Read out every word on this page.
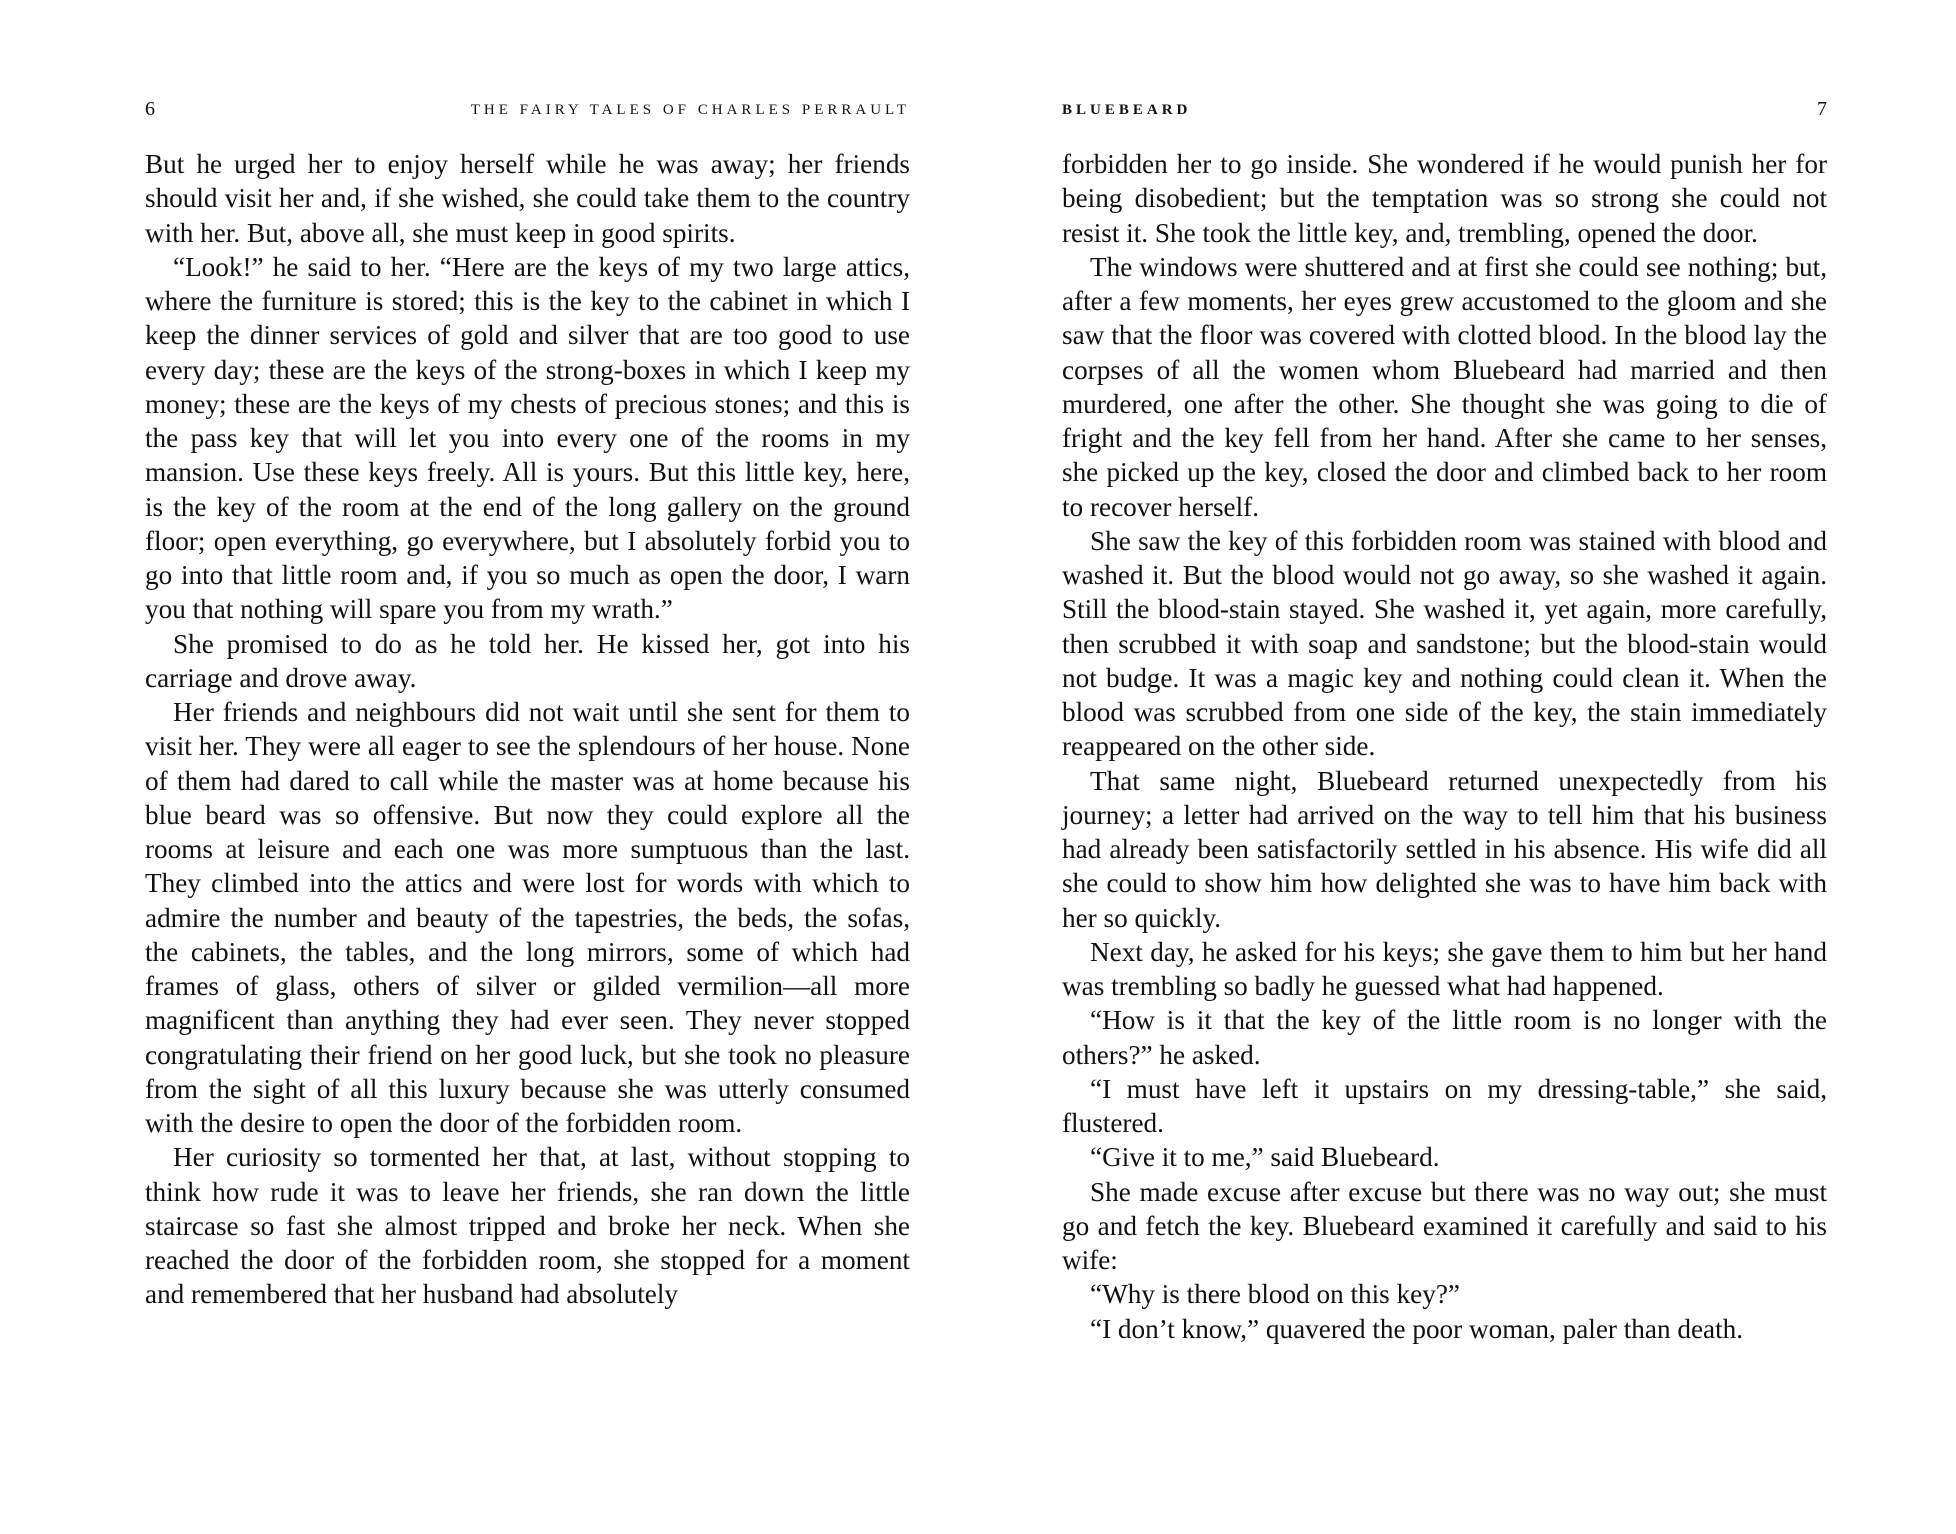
6	THE FAIRY TALES OF CHARLES PERRAULT

But he urged her to enjoy herself while he was away; her friends should visit her and, if she wished, she could take them to the country with her. But, above all, she must keep in good spirits.

“Look!” he said to her. “Here are the keys of my two large attics, where the furniture is stored; this is the key to the cabinet in which I keep the dinner services of gold and silver that are too good to use every day; these are the keys of the strong-boxes in which I keep my money; these are the keys of my chests of precious stones; and this is the pass key that will let you into every one of the rooms in my mansion. Use these keys freely. All is yours. But this little key, here, is the key of the room at the end of the long gallery on the ground floor; open everything, go everywhere, but I absolutely forbid you to go into that little room and, if you so much as open the door, I warn you that nothing will spare you from my wrath.”

She promised to do as he told her. He kissed her, got into his carriage and drove away.

Her friends and neighbours did not wait until she sent for them to visit her. They were all eager to see the splendours of her house. None of them had dared to call while the master was at home because his blue beard was so offensive. But now they could explore all the rooms at leisure and each one was more sumptuous than the last. They climbed into the attics and were lost for words with which to admire the number and beauty of the tapestries, the beds, the sofas, the cabinets, the tables, and the long mirrors, some of which had frames of glass, others of silver or gilded vermilion—all more magnificent than anything they had ever seen. They never stopped congratulating their friend on her good luck, but she took no pleasure from the sight of all this luxury because she was utterly consumed with the desire to open the door of the forbidden room.

Her curiosity so tormented her that, at last, without stopping to think how rude it was to leave her friends, she ran down the little staircase so fast she almost tripped and broke her neck. When she reached the door of the forbidden room, she stopped for a moment and remembered that her husband had absolutely

BLUEBEARD	7

forbidden her to go inside. She wondered if he would punish her for being disobedient; but the temptation was so strong she could not resist it. She took the little key, and, trembling, opened the door.

The windows were shuttered and at first she could see nothing; but, after a few moments, her eyes grew accustomed to the gloom and she saw that the floor was covered with clotted blood. In the blood lay the corpses of all the women whom Bluebeard had married and then murdered, one after the other. She thought she was going to die of fright and the key fell from her hand. After she came to her senses, she picked up the key, closed the door and climbed back to her room to recover herself.

She saw the key of this forbidden room was stained with blood and washed it. But the blood would not go away, so she washed it again. Still the blood-stain stayed. She washed it, yet again, more carefully, then scrubbed it with soap and sandstone; but the blood-stain would not budge. It was a magic key and nothing could clean it. When the blood was scrubbed from one side of the key, the stain immediately reappeared on the other side.

That same night, Bluebeard returned unexpectedly from his journey; a letter had arrived on the way to tell him that his business had already been satisfactorily settled in his absence. His wife did all she could to show him how delighted she was to have him back with her so quickly.

Next day, he asked for his keys; she gave them to him but her hand was trembling so badly he guessed what had happened.

“How is it that the key of the little room is no longer with the others?” he asked.

“I must have left it upstairs on my dressing-table,” she said, flustered.

“Give it to me,” said Bluebeard.

She made excuse after excuse but there was no way out; she must go and fetch the key. Bluebeard examined it carefully and said to his wife:

“Why is there blood on this key?”

“I don’t know,” quavered the poor woman, paler than death.
